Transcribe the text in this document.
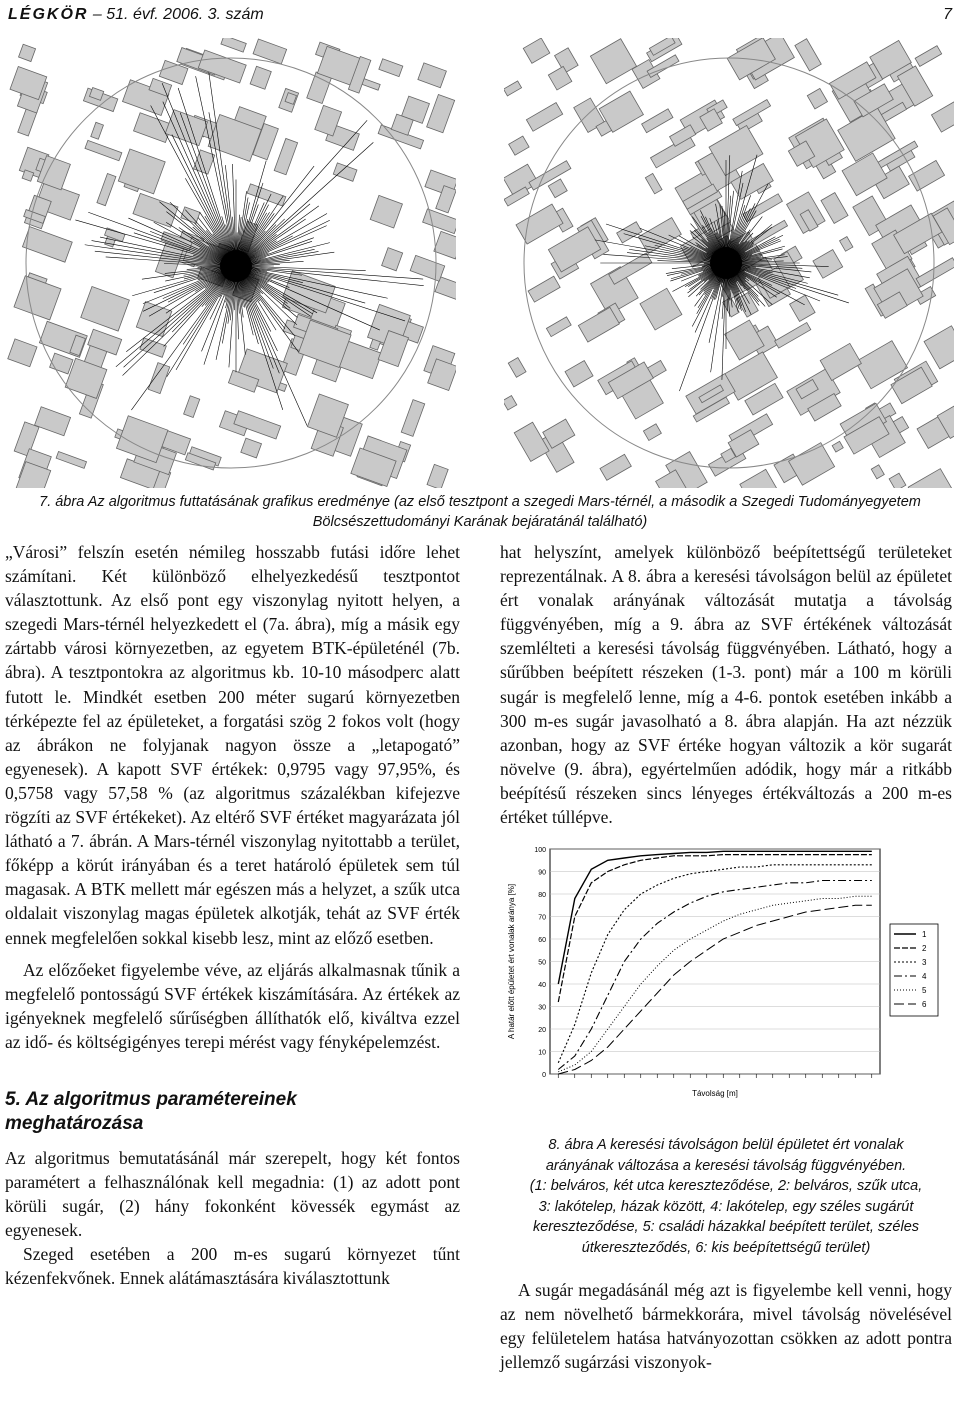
LÉGKÖR – 51. évf. 2006. 3. szám	7
7. ábra Az algoritmus futtatásának grafikus eredménye (az első tesztpont a szegedi Mars-térnél, a második a Szegedi Tudományegyetem
Bölcsészettudományi Karának bejáratánál található)

„Városi” felszín esetén némileg hosszabb futási időre lehet számítani. Két különböző elhelyezkedésű tesztpontot választottunk. Az első pont egy viszonylag nyitott helyen, a szegedi Mars-térnél helyezkedett el (7a. ábra), míg a másik egy zártabb városi környezetben, az egyetem BTK-épületénél (7b. ábra). A tesztpontokra az algoritmus kb. 10-10 másodperc alatt futott le. Mindkét esetben 200 méter sugarú környezetben térképezte fel az épületeket, a forgatási szög 2 fokos volt (hogy az ábrákon ne folyjanak nagyon össze a „letapogató” egyenesek). A kapott SVF értékek: 0,9795 vagy 97,95%, és 0,5758 vagy 57,58 % (az algoritmus százalékban kifejezve rögzíti az SVF értékeket). Az eltérő SVF értéket magyarázata jól látható a 7. ábrán. A Mars-térnél viszonylag nyitottabb a terület, főképp a körút irányában és a teret határoló épületek sem túl magasak. A BTK mellett már egészen más a helyzet, a szűk utca oldalait viszonylag magas épületek alkotják, tehát az SVF érték ennek megfelelően sokkal kisebb lesz, mint az előző esetben.

Az előzőeket figyelembe véve, az eljárás alkalmasnak tűnik a megfelelő pontosságú SVF értékek kiszámítására. Az értékek az igényeknek megfelelő sűrűségben állíthatók elő, kiváltva ezzel az idő- és költségigényes terepi mérést vagy fényképelemzést.

5. Az algoritmus paramétereinek
meghatározása

Az algoritmus bemutatásánál már szerepelt, hogy két fontos paramétert a felhasználónak kell megadnia: (1) az adott pont körüli sugár, (2) hány fokonként kövessék egymást az egyenesek.

Szeged esetében a 200 m-es sugarú környezet tűnt kézenfekvőnek. Ennek alátámasztására kiválasztottunk

hat helyszínt, amelyek különböző beépítettségű területeket reprezentálnak. A 8. ábra a keresési távolságon belül az épületet ért vonalak arányának változását mutatja a távolság függvényében, míg a 9. ábra az SVF értékének változását szemlélteti a keresési távolság függvényében. Látható, hogy a sűrűbben beépített részeken (1-3. pont) már a 100 m körüli sugár is megfelelő lenne, míg a 4-6. pontok esetében inkább a 300 m-es sugár javasolható a 8. ábra alapján. Ha azt nézzük azonban, hogy az SVF értéke hogyan változik a kör sugarát növelve (9. ábra), egyértelműen adódik, hogy már a ritkább beépítésű részeken sincs lényeges értékváltozás a 200 m-es értéket túllépve.

100
90
80
70
60
50
40
30
20
10
0
1
2
3
4
5
6
Távolság [m]
A határ előtt épületet ért vonalak aránya [%]
8. ábra A keresési távolságon belül épületet ért vonalak
arányának változása a keresési távolság függvényében.
(1: belváros, két utca kereszteződése, 2: belváros, szűk utca,
3: lakótelep, házak között, 4: lakótelep, egy széles sugárút
kereszteződése, 5: családi házakkal beépített terület, széles
útkereszteződés, 6: kis beépítettségű terület)

A sugár megadásánál még azt is figyelembe kell venni, hogy az nem növelhető bármekkorára, mivel távolság növelésével egy felületelem hatása hatványozottan csökken az adott pontra jellemző sugárzási viszonyok-
